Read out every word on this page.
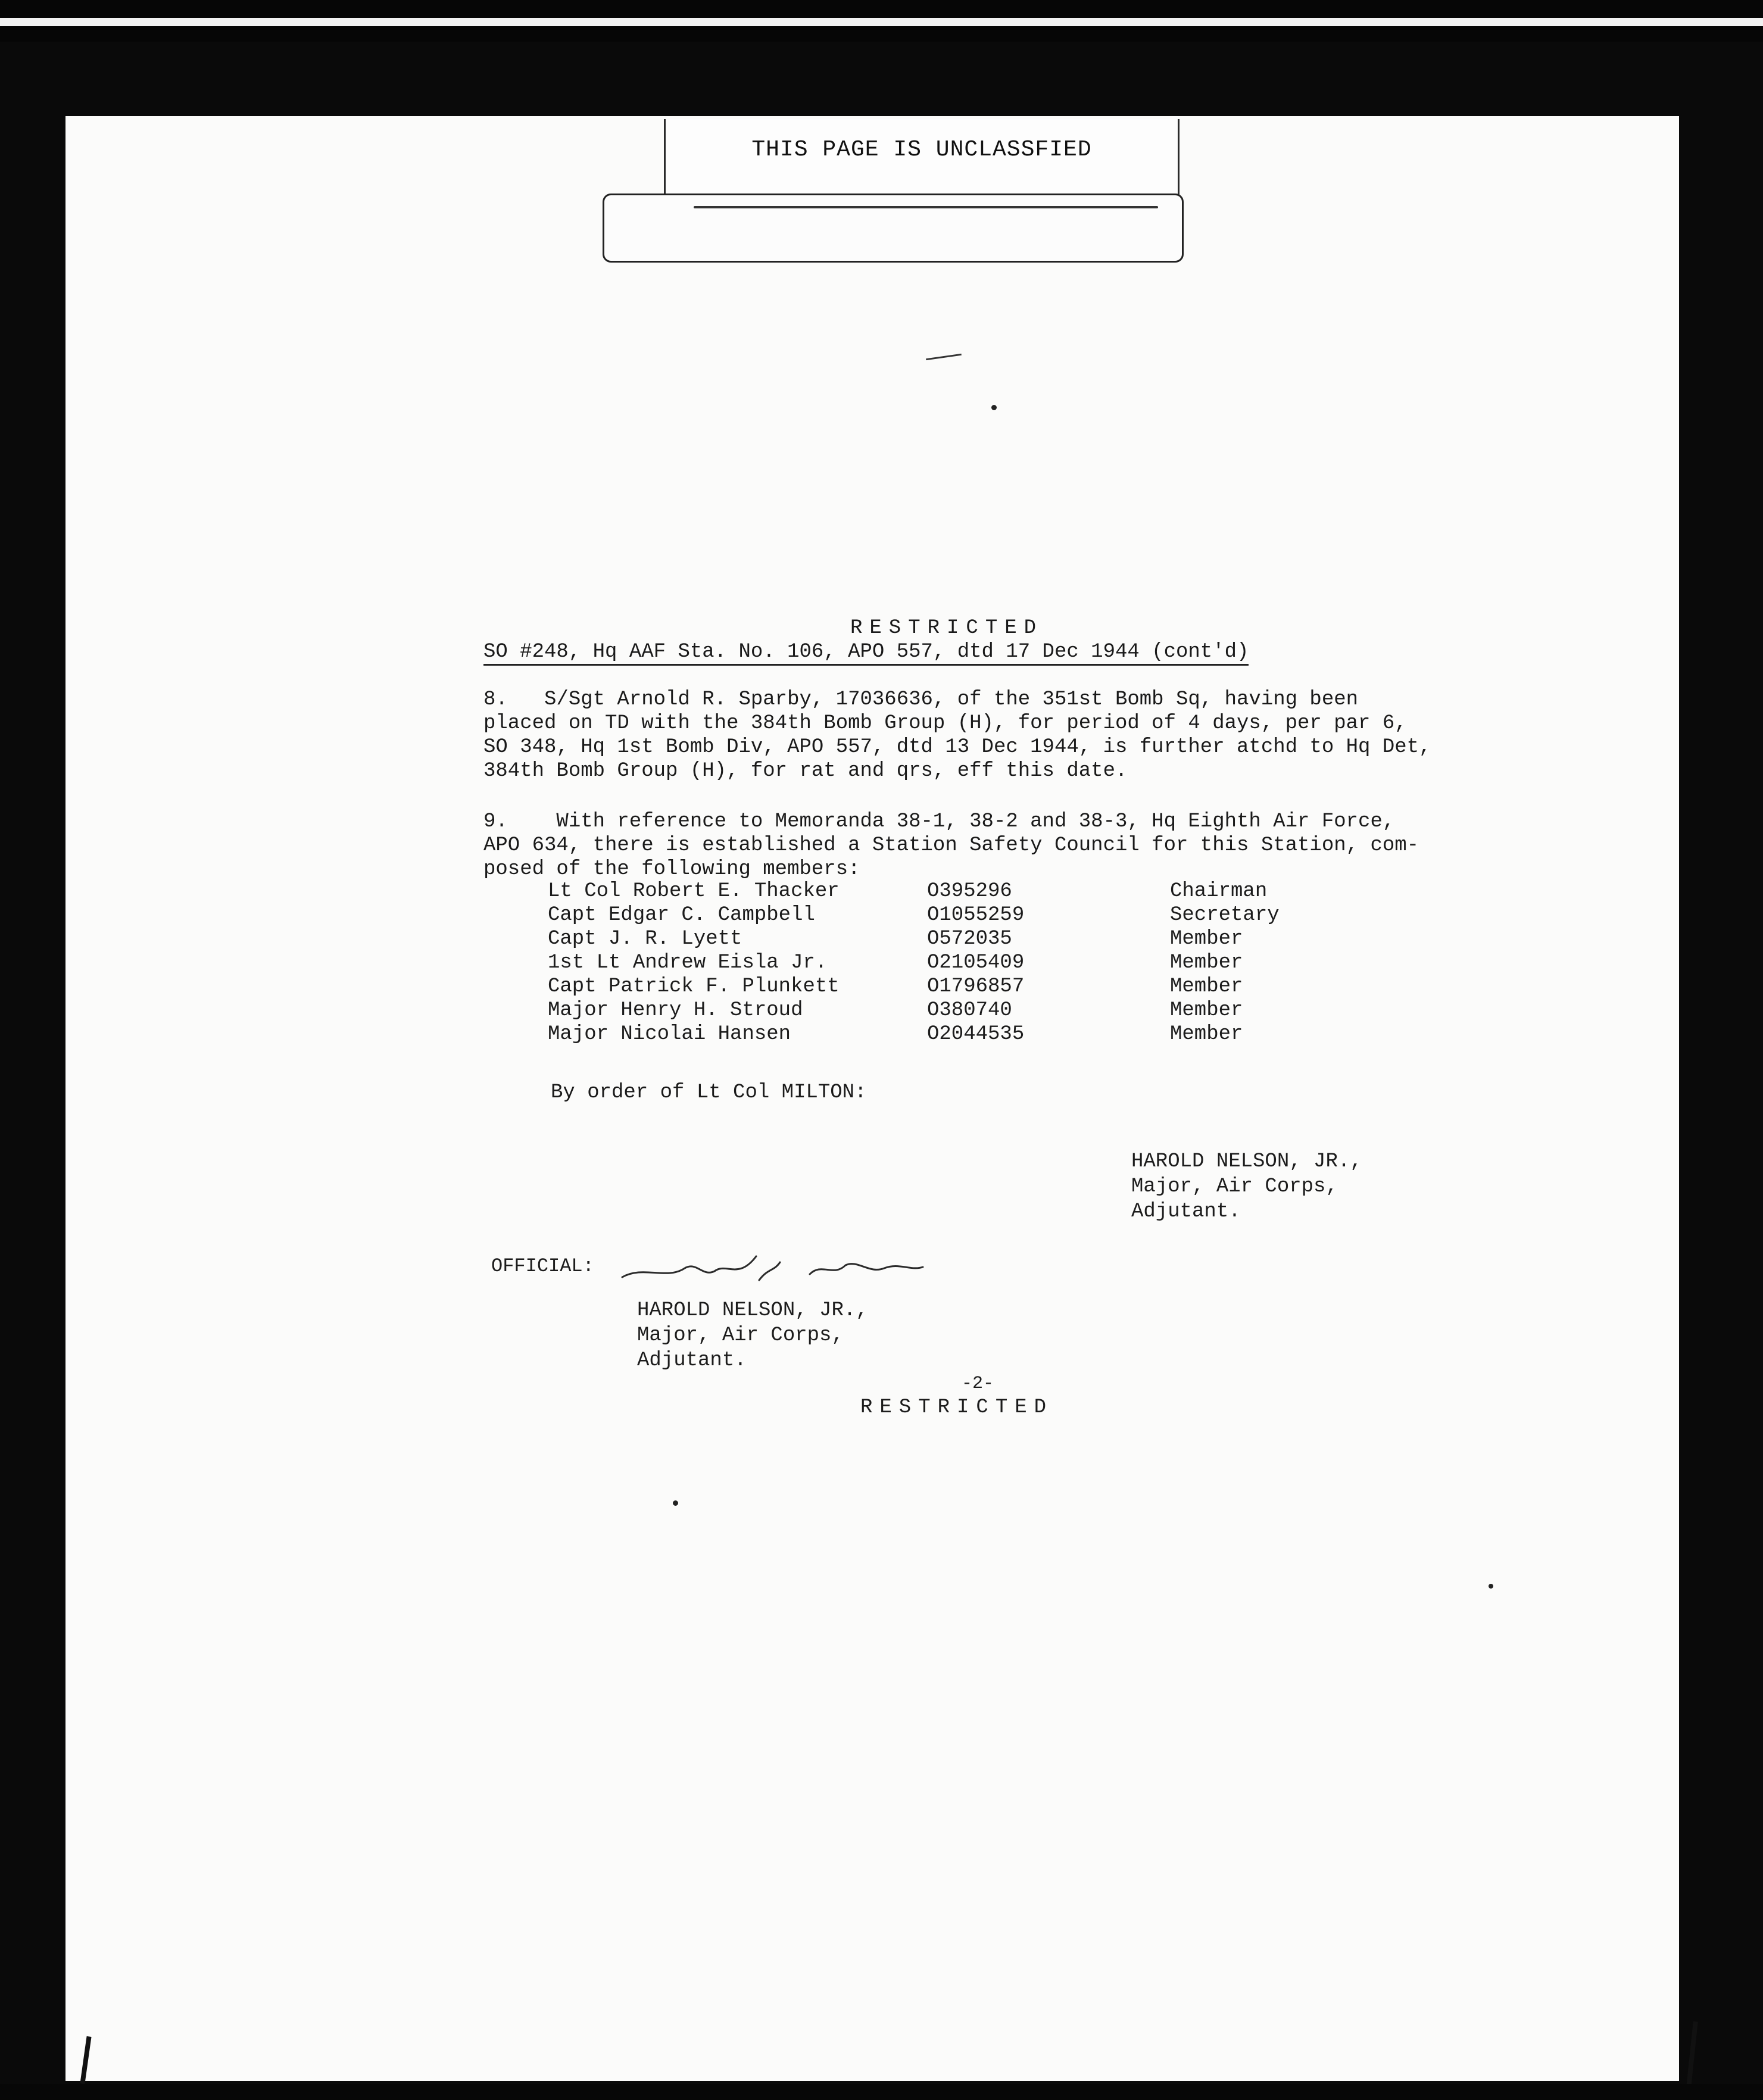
THIS PAGE IS UNCLASSFIED
RESTRICTED
SO #248, Hq AAF Sta. No. 106, APO 557, dtd 17 Dec 1944 (cont'd)
8.   S/Sgt Arnold R. Sparby, 17036636, of the 351st Bomb Sq, having been
placed on TD with the 384th Bomb Group (H), for period of 4 days, per par 6,
SO 348, Hq 1st Bomb Div, APO 557, dtd 13 Dec 1944, is further atchd to Hq Det,
384th Bomb Group (H), for rat and qrs, eff this date.
9.    With reference to Memoranda 38-1, 38-2 and 38-3, Hq Eighth Air Force,
APO 634, there is established a Station Safety Council for this Station, com-
posed of the following members:
Lt Col Robert E. Thacker	O395296	Chairman
Capt Edgar C. Campbell	O1055259	Secretary
Capt J. R. Lyett	O572035	Member
1st Lt Andrew Eisla Jr.	O2105409	Member
Capt Patrick F. Plunkett	O1796857	Member
Major Henry H. Stroud	O380740	Member
Major Nicolai Hansen	O2044535	Member
By order of Lt Col MILTON:
HAROLD NELSON, JR.,
Major, Air Corps,
Adjutant.
OFFICIAL:
HAROLD NELSON, JR.,
Major, Air Corps,
Adjutant.
-2-
RESTRICTED
